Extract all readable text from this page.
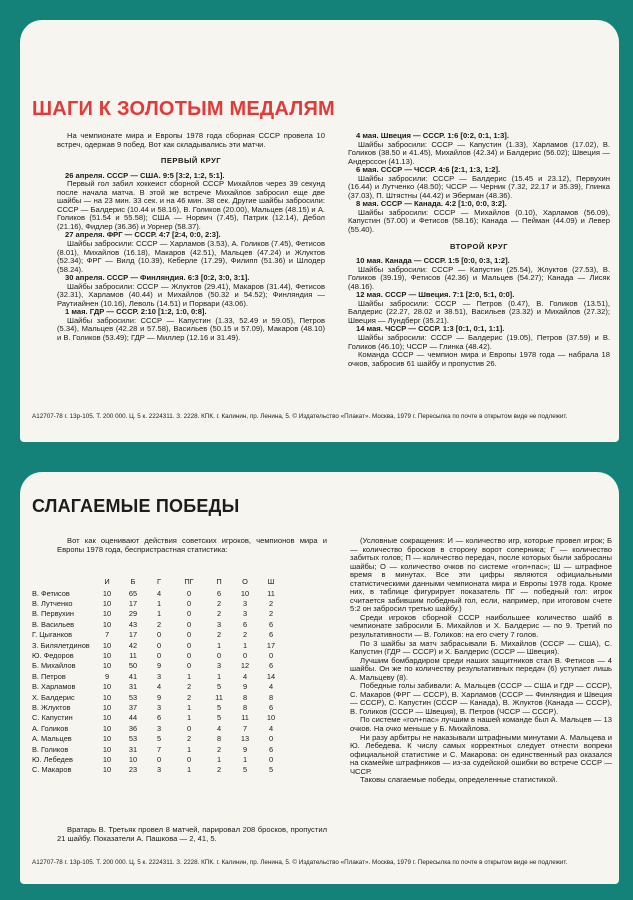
ШАГИ К ЗОЛОТЫМ МЕДАЛЯМ

На чемпионате мира и Европы 1978 года сборная СССР провела 10 встреч, одержав 9 побед. Вот как складывались эти матчи.

ПЕРВЫЙ КРУГ

26 апреля. СССР — США. 9:5 [3:2, 1:2, 5:1].

Первый гол забил хоккеист сборной СССР Михайлов через 39 секунд после начала матча. В этой же встрече Михайлов забросил еще две шайбы — на 23 мин. 33 сек. и на 46 мин. 38 сек. Другие шайбы забросили: СССР — Балдерис (10.44 и 58.16), В. Голиков (20.00), Мальцев (48.15) и А. Голиков (51.54 и 55.58); США — Норвич (7.45), Патрик (12.14), Дебол (21.16), Фидлер (36.36) и Уорнер (58.37).

27 апреля. ФРГ — СССР. 4:7 [2:4, 0:0, 2:3].

Шайбы забросили: СССР — Харламов (3.53), А. Голиков (7.45), Фетисов (8.01), Михайлов (16.18), Макаров (42.51), Мальцев (47.24) и Жлуктов (52.34); ФРГ — Вилд (10.39), Кеберле (17.29), Филипп (51.36) и Шлодер (58.24).

30 апреля. СССР — Финляндия. 6:3 [0:2, 3:0, 3:1].

Шайбы забросили: СССР — Жлуктов (29.41), Макаров (31.44), Фетисов (32.31), Харламов (40.44) и Михайлов (50.32 и 54.52); Финляндия — Раутиайнен (10.16), Леволь (14.51) и Порвари (43.06).

1 мая. ГДР — СССР. 2:10 [1:2, 1:0, 0:8].

Шайбы забросили: СССР — Капустин (1.33, 52.49 и 59.05), Петров (5.34), Мальцев (42.28 и 57.58), Васильев (50.15 и 57.09), Макаров (48.10) и В. Голиков (53.49); ГДР — Миллер (12.16 и 31.49).

4 мая. Швеция — СССР. 1:6 [0:2, 0:1, 1:3].

Шайбы забросили: СССР — Капустин (1.33), Харламов (17.02), В. Голиков (38.50 и 41.45), Михайлов (42.34) и Балдерис (56.02); Швеция — Андерссон (41.13).

6 мая. СССР — ЧССР. 4:6 [2:1, 1:3, 1:2].

Шайбы забросили: СССР — Балдерис (15.45 и 23.12), Первухин (16.44) и Лутченко (48.50); ЧССР — Черник (7.32, 22.17 и 35.39), Глинка (37.03), П. Штястны (44.42) и Эберман (48.36).

8 мая. СССР — Канада. 4:2 [1:0, 0:0, 3:2].

Шайбы забросили: СССР — Михайлов (0.10), Харламов (56.09), Капустин (57.00) и Фетисов (58.16); Канада — Пейман (44.09) и Левер (55.40).

ВТОРОЙ КРУГ

10 мая. Канада — СССР. 1:5 [0:0, 0:3, 1:2].

Шайбы забросили: СССР — Капустин (25.54), Жлуктов (27.53), В. Голиков (39.19), Фетисов (42.36) и Мальцев (54.27); Канада — Лисяк (48.16).

12 мая. СССР — Швеция. 7:1 [2:0, 5:1, 0:0].

Шайбы забросили: СССР — Петров (0.47), В. Голиков (13.51), Балдерис (22.27, 28.02 и 38.51), Васильев (23.32) и Михайлов (27.32); Швеция — Лундберг (35.21).

14 мая. ЧССР — СССР. 1:3 [0:1, 0:1, 1:1].

Шайбы забросили: СССР — Балдерис (19.05), Петров (37.59) и В. Голиков (46.10); ЧССР — Глинка (48.42).

Команда СССР — чемпион мира и Европы 1978 года — набрала 18 очков, забросив 61 шайбу и пропустив 26.

А12707-78 г. 13р-105. Т. 200 000. Ц. 5 к. 2224311. З. 2228. КПК. г. Калинин, пр. Ленина, 5. © Издательство «Плакат». Москва, 1979 г. Пересылка по почте в открытом виде не подлежит.
СЛАГАЕМЫЕ ПОБЕДЫ

Вот как оценивают действия советских игроков, чемпионов мира и Европы 1978 года, беспристрастная статистика:

	И	Б	Г	ПГ	П	О	Ш
В. Фетисов	10	65	4	0	6	10	11
В. Лутченко	10	17	1	0	2	3	2
В. Первухин	10	29	1	0	2	3	2
В. Васильев	10	43	2	0	3	6	6
Г. Цыганков	7	17	0	0	2	2	6
З. Билялетдинов	10	42	0	0	1	1	17
Ю. Федоров	10	11	0	0	0	0	0
Б. Михайлов	10	50	9	0	3	12	6
В. Петров	9	41	3	1	1	4	14
В. Харламов	10	31	4	2	5	9	4
Х. Балдерис	10	53	9	2	11	8	8
В. Жлуктов	10	37	3	1	5	8	6
С. Капустин	10	44	6	1	5	11	10
А. Голиков	10	36	3	0	4	7	4
А. Мальцев	10	53	5	2	8	13	0
В. Голиков	10	31	7	1	2	9	6
Ю. Лебедев	10	10	0	0	1	1	0
С. Макаров	10	23	3	1	2	5	5

Вратарь В. Третьяк провел 8 матчей, парировал 208 бросков, пропустил 21 шайбу. Показатели А. Пашкова — 2, 41, 5.

(Условные сокращения: И — количество игр, которые провел игрок; Б — количество бросков в сторону ворот соперника; Г — количество забитых голов; П — количество передач, после которых были забросаны шайбы; О — количество очков по системе «гол+пас»; Ш — штрафное время в минутах. Все эти цифры являются официальными статистическими данными чемпионата мира и Европы 1978 года. Кроме них, в таблице фигурирует показатель ПГ — победный гол: игрок считается забившим победный гол, если, например, при итоговом счете 5:2 он забросил третью шайбу.)

Среди игроков сборной СССР наибольшее количество шайб в чемпионате забросили Б. Михайлов и Х. Балдерис — по 9. Третий по результативности — В. Голиков: на его счету 7 голов.

По 3 шайбы за матч забрасывали Б. Михайлов (СССР — США), С. Капустин (ГДР — СССР) и Х. Балдерис (СССР — Швеция).

Лучшим бомбардиром среди наших защитников стал В. Фетисов — 4 шайбы. Он же по количеству результативных передач (6) уступает лишь А. Мальцеву (8).

Победные голы забивали: А. Мальцев (СССР — США и ГДР — СССР), С. Макаров (ФРГ — СССР), В. Харламов (СССР — Финляндия и Швеция — СССР), С. Капустин (СССР — Канада), В. Жлуктов (Канада — СССР), В. Голиков (СССР — Швеция), В. Петров (ЧССР — СССР).

По системе «гол+пас» лучшим в нашей команде был А. Мальцев — 13 очков. На очко меньше у Б. Михайлова.

Ни разу арбитры не наказывали штрафными минутами А. Мальцева и Ю. Лебедева. К числу самых корректных следует отнести вопреки официальной статистике и С. Макарова: он единственный раз оказался на скамейке штрафников — из-за судейской ошибки во встрече СССР — ЧССР.

Таковы слагаемые победы, определенные статистикой.

А12707-78 г. 13р-105. Т. 200 000. Ц. 5 к. 2224311. З. 2228. КПК. г. Калинин, пр. Ленина, 5. © Издательство «Плакат». Москва, 1979 г. Пересылка по почте в открытом виде не подлежит.
